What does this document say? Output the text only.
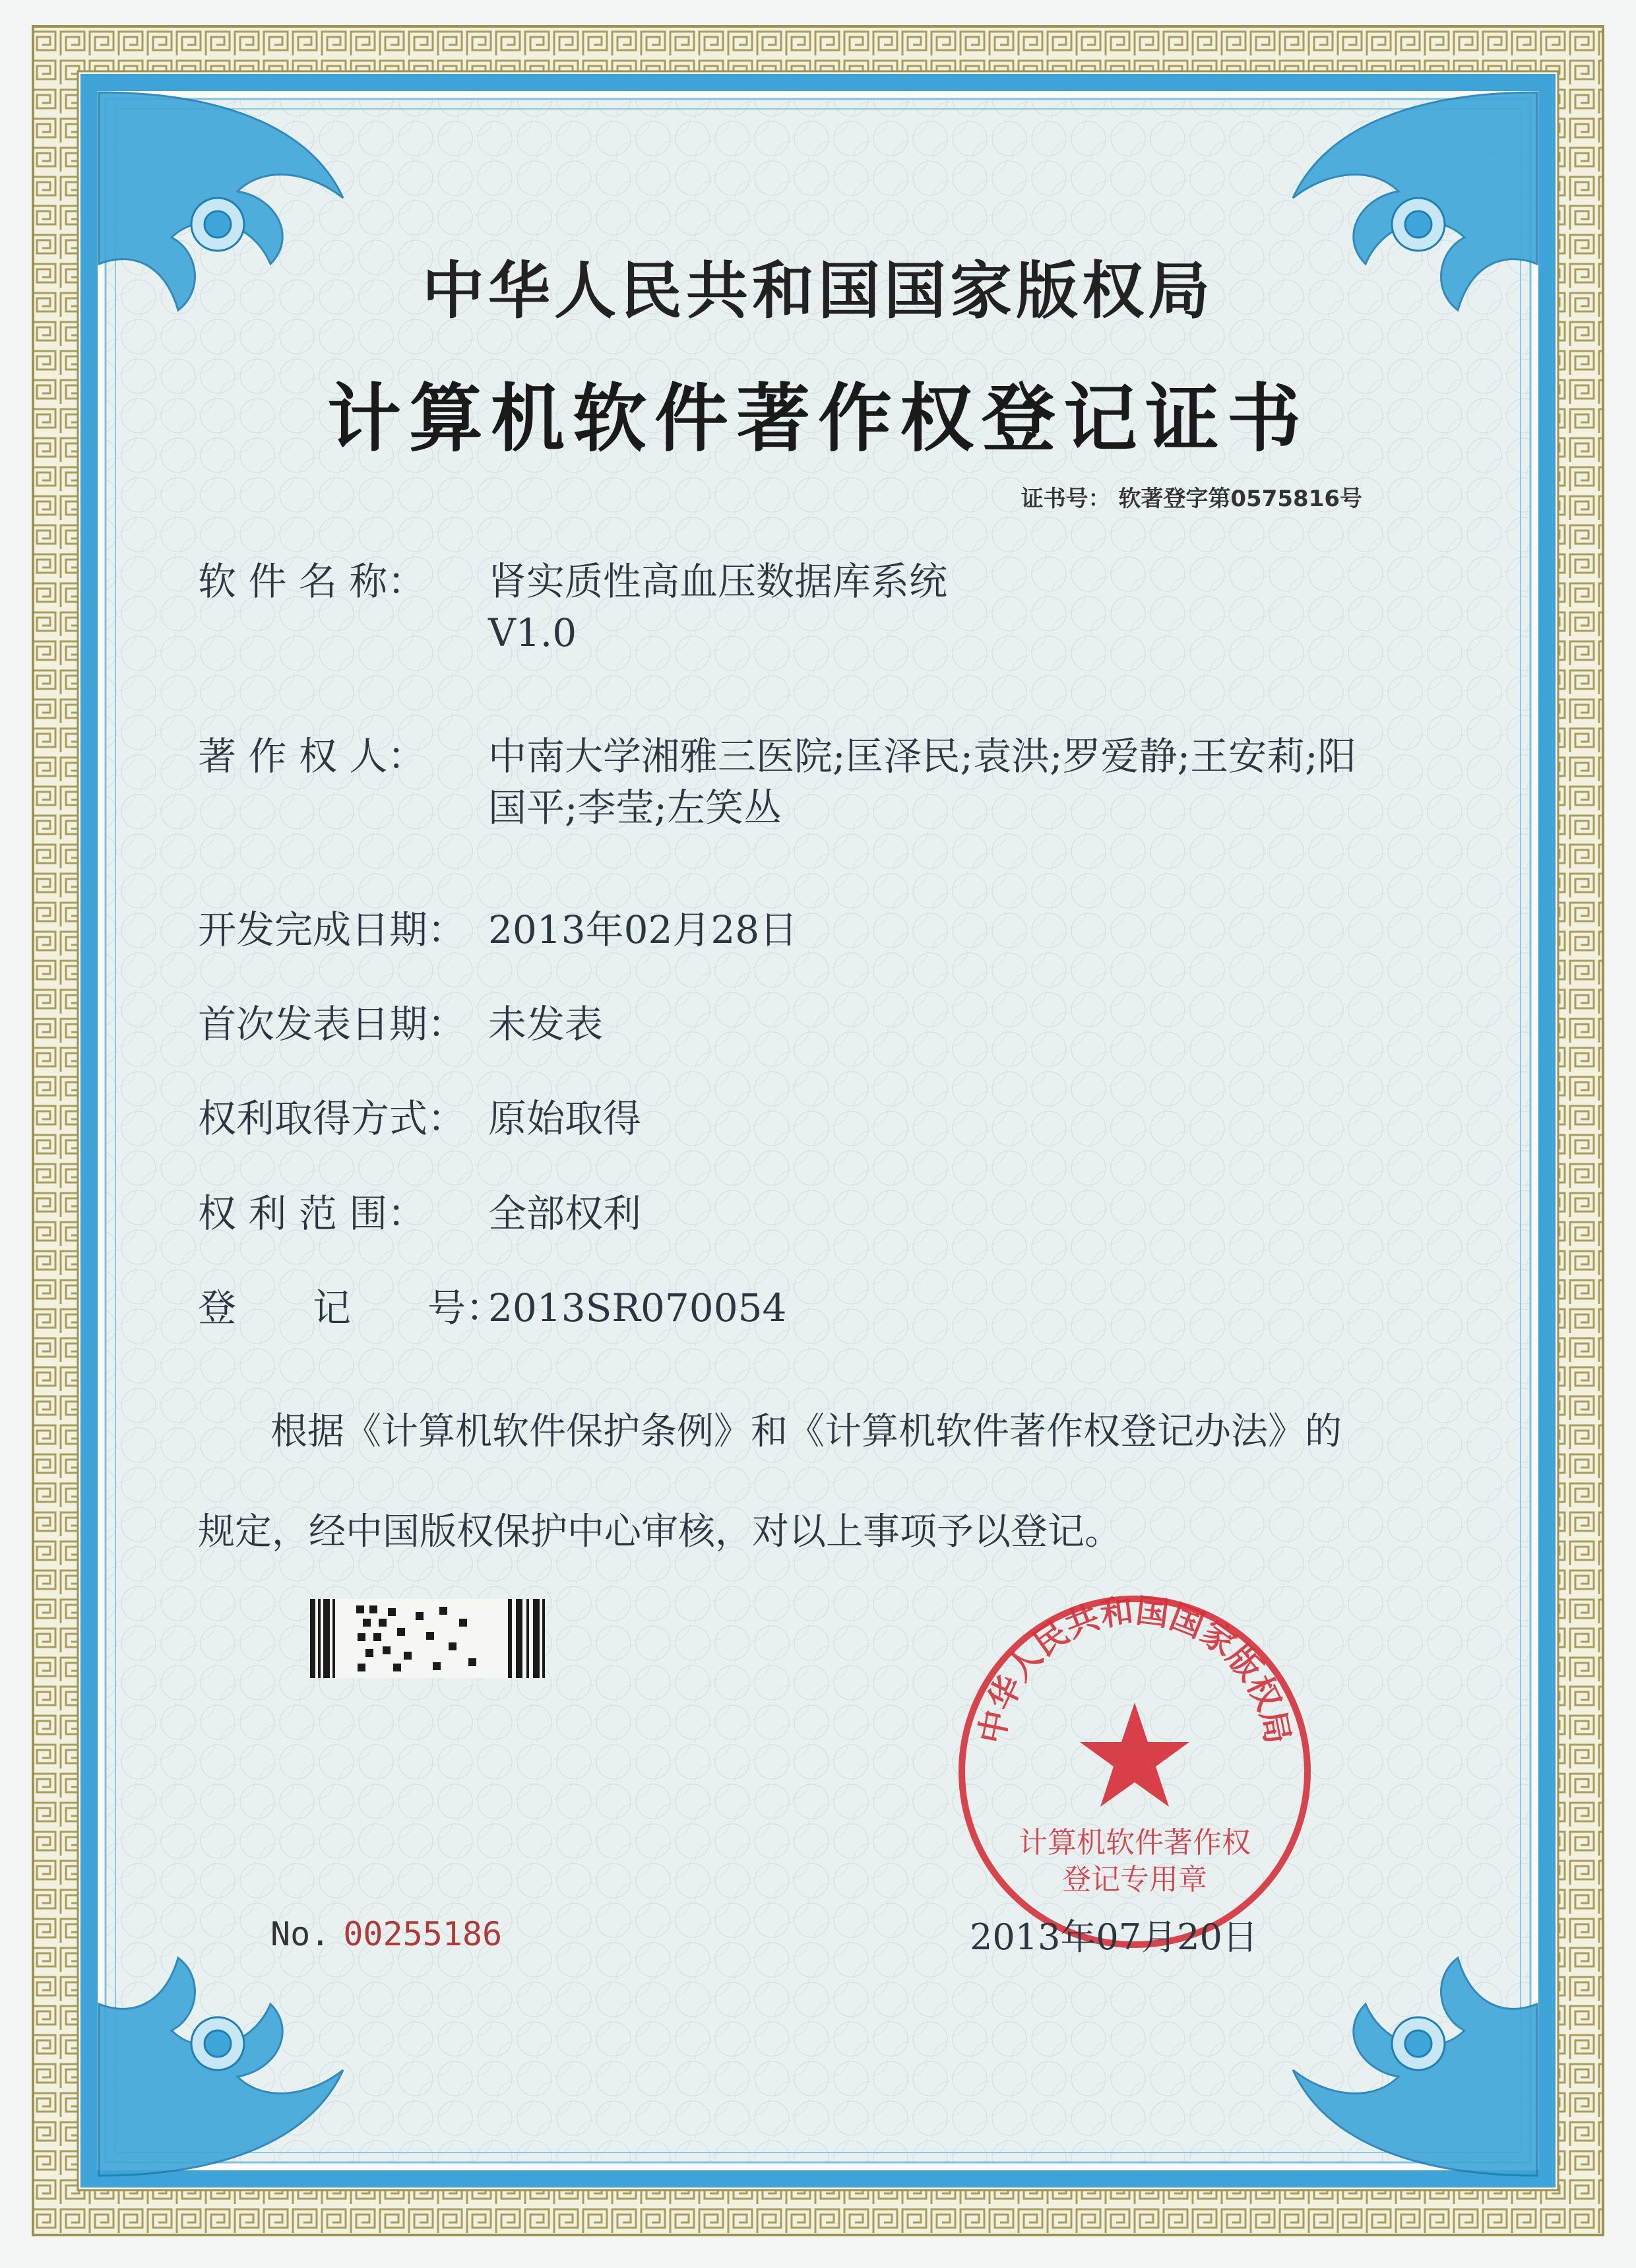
中华人民共和国国家版权局
计算机软件著作权登记证书
证书号： 软著登字第0575816号
软 件 名 称：	肾实质性高血压数据库系统
V1.0
著 作 权 人：	中南大学湘雅三医院;匡泽民;袁洪;罗爱静;王安莉;阳
国平;李莹;左笑丛
开发完成日期： 2013年02月28日
首次发表日期： 未发表
权利取得方式： 原始取得
权 利 范 围：	全部权利
登　　记　　号：
2013SR070054
根据《计算机软件保护条例》和《计算机软件著作权登记办法》的
规定，经中国版权保护中心审核，对以上事项予以登记。
No. 00255186
中华人民共和国国家版权局
计算机软件著作权
登记专用章
2013年07月20日
